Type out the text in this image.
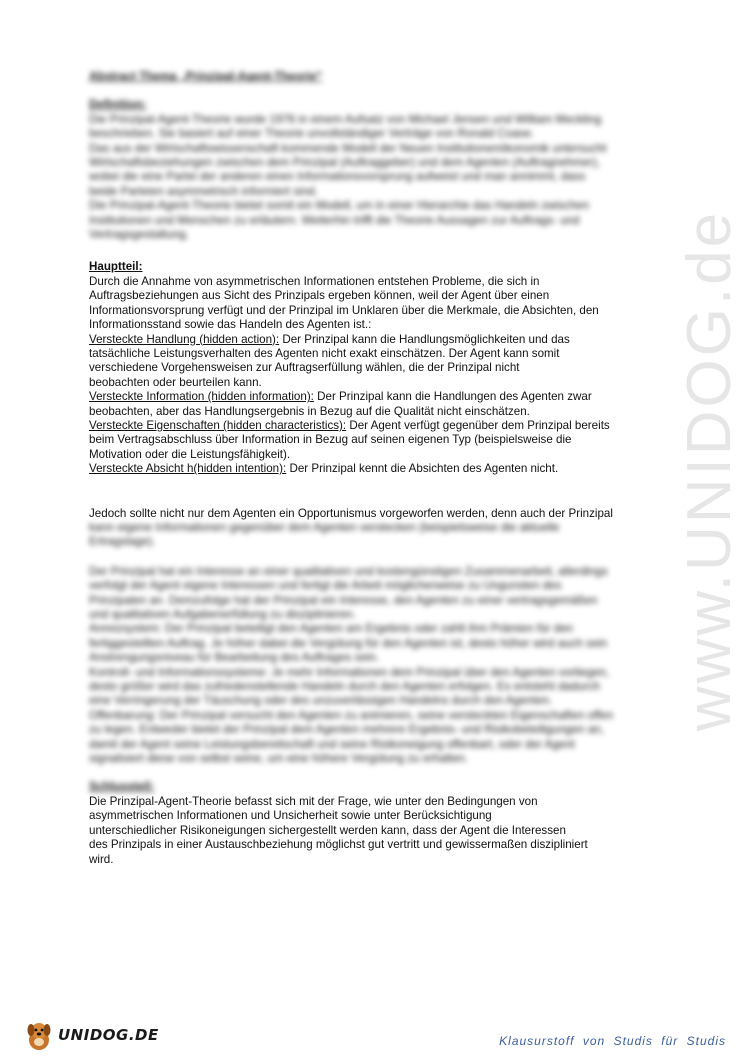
www.UNIDOG.de

Abstract Thema „Prinzipal-Agent-Theorie“

Definition:

Die Prinzipal-Agent-Theorie wurde 1976 in einem Aufsatz von Michael Jensen und William Meckling

beschrieben. Sie basiert auf einer Theorie unvollständiger Verträge von Ronald Coase.

Das aus der Wirtschaftswissenschaft kommende Modell der Neuen Institutionenökonomik untersucht

Wirtschaftsbeziehungen zwischen dem Prinzipal (Auftraggeber) und dem Agenten (Auftragnehmer),

wobei die eine Partei der anderen einen Informationsvorsprung aufweist und man annimmt, dass

beide Parteien asymmetrisch informiert sind.

Die Prinzipal-Agent-Theorie bietet somit ein Modell, um in einer Hierarchie das Handeln zwischen

Institutionen und Menschen zu erläutern. Weiterhin trifft die Theorie Aussagen zur Auftrags- und

Vertragsgestaltung.

Hauptteil:

Durch die Annahme von asymmetrischen Informationen entstehen Probleme, die sich in

Auftragsbeziehungen aus Sicht des Prinzipals ergeben können, weil der Agent über einen

Informationsvorsprung verfügt und der Prinzipal im Unklaren über die Merkmale, die Absichten, den

Informationsstand sowie das Handeln des Agenten ist.:

Versteckte Handlung (hidden action): Der Prinzipal kann die Handlungsmöglichkeiten und das

tatsächliche Leistungsverhalten des Agenten nicht exakt einschätzen. Der Agent kann somit

verschiedene Vorgehensweisen zur Auftragserfüllung wählen, die der Prinzipal nicht

beobachten oder beurteilen kann.

Versteckte Information (hidden information): Der Prinzipal kann die Handlungen des Agenten zwar

beobachten, aber das Handlungsergebnis in Bezug auf die Qualität nicht einschätzen.

Versteckte Eigenschaften (hidden characteristics): Der Agent verfügt gegenüber dem Prinzipal bereits

beim Vertragsabschluss über Information in Bezug auf seinen eigenen Typ (beispielsweise die

Motivation oder die Leistungsfähigkeit).

Versteckte Absicht h(hidden intention): Der Prinzipal kennt die Absichten des Agenten nicht.

Jedoch sollte nicht nur dem Agenten ein Opportunismus vorgeworfen werden, denn auch der Prinzipal

kann eigene Informationen gegenüber dem Agenten verstecken (beispielsweise die aktuelle

Ertragslage).

Der Prinzipal hat ein Interesse an einer qualitativen und kostengünstigen Zusammenarbeit, allerdings

verfolgt der Agent eigene Interessen und fertigt die Arbeit möglicherweise zu Ungunsten des

Prinzipalen an. Demzufolge hat der Prinzipal ein Interesse, den Agenten zu einer vertragsgemäßen

und qualitativen Aufgabenerfüllung zu disziplinieren.

Anreizsystem: Der Prinzipal beteiligt den Agenten am Ergebnis oder zahlt ihm Prämien für den

fertiggestellten Auftrag. Je höher dabei die Vergütung für den Agenten ist, desto höher wird auch sein

Anstrengungsniveau für Bearbeitung des Auftrages sein.

Kontroll- und Informationssysteme: Je mehr Informationen dem Prinzipal über den Agenten vorliegen,

desto größer wird das zufriedenstellende Handeln durch den Agenten erfolgen. Es entsteht dadurch

eine Verringerung der Täuschung oder des unzuverlässigen Handelns durch den Agenten.

Offenbarung: Der Prinzipal versucht den Agenten zu animieren, seine versteckten Eigenschaften offen

zu legen. Entweder bietet der Prinzipal dem Agenten mehrere Ergebnis- und Risikobeteiligungen an,

damit der Agent seine Leistungsbereitschaft und seine Risikoneigung offenbart, oder der Agent

signalisiert diese von selbst seine, um eine höhere Vergütung zu erhalten.

Schlussteil:

Die Prinzipal-Agent-Theorie befasst sich mit der Frage, wie unter den Bedingungen von

asymmetrischen Informationen und Unsicherheit sowie unter Berücksichtigung

unterschiedlicher Risikoneigungen sichergestellt werden kann, dass der Agent die Interessen

des Prinzipals in einer Austauschbeziehung möglichst gut vertritt und gewissermaßen diszipliniert

wird.

UNIDOG.DE	Klausurstoff von Studis für Studis
